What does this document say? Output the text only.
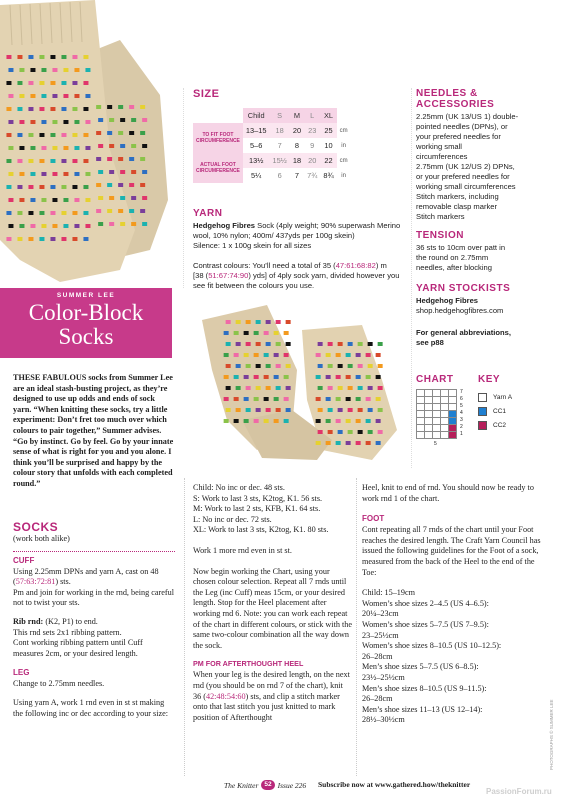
SUMMER LEE
Color-Block
Socks

THESE FABULOUS socks from Summer Lee are an ideal stash-busting project, as they’re designed to use up odds and ends of sock yarn. “When knitting these socks, try a little experiment: Don’t fret too much over which colours to pair together,” Summer advises. “Go by instinct. Go by feel. Go by your innate sense of what is right for you and you alone. I think you’ll be surprised and happy by the colour story that unfolds with each completed round.”

SOCKS

(work both alike)

CUFF

Using 2.25mm DPNs and yarn A, cast on 48 (57:63:72:81) sts.

Pm and join for working in the rnd, being careful not to twist your sts.

Rib rnd: (K2, P1) to end.

This rnd sets 2x1 ribbing pattern.

Cont working ribbing pattern until Cuff measures 2cm, or your desired length.

LEG

Change to 2.75mm needles.

Using yarn A, work 1 rnd even in st st making the following inc or dec according to your size:

SIZE
	Child	S	M	L	XL	
TO FIT FOOT CIRCUMFERENCE	13–15	18	20	23	25	cm
	5–6	7	8	9	10	in
ACTUAL FOOT CIRCUMFERENCE	13½	15½	18	20	22	cm
	5¼	6	7	7¾	8¾	in
YARN

Hedgehog Fibres Sock (4ply weight; 90% superwash Merino wool, 10% nylon; 400m/ 437yds per 100g skein)

Silence: 1 x 100g skein for all sizes

Contrast colours: You’ll need a total of 35 (47:61:68:82) m

[38 (51:67:74:90) yds] of 4ply sock yarn, divided however you see fit between the colours you use.

NEEDLES &
ACCESSORIES

2.25mm (UK 13/US 1) double-

pointed needles (DPNs), or

your prefered needles for

working small

circumferences

2.75mm (UK 12/US 2) DPNs,

or your prefered needles for

working small circumferences

Stitch markers, including

removable clasp marker

Stitch markers

TENSION

36 sts to 10cm over patt in

the round on 2.75mm

needles, after blocking

YARN STOCKISTS

Hedgehog Fibres

shop.hedgehogfibres.com

For general abbreviations,

see p88

CHART
7
6
5
4
3
2
1
5
KEY
Yarn A
CC1
CC2

Child: No inc or dec. 48 sts.

S: Work to last 3 sts, K2tog, K1. 56 sts.

M: Work to last 2 sts, KFB, K1. 64 sts.

L: No inc or dec. 72 sts.

XL: Work to last 3 sts, K2tog, K1. 80 sts.

Work 1 more rnd even in st st.

Now begin working the Chart, using your chosen colour selection. Repeat all 7 rnds until the Leg (inc Cuff) meas 15cm, or your desired length. Stop for the Heel placement after working rnd 6. Note: you can work each repeat of the chart in different colours, or stick with the same two-colour combination all the way down the sock.

PM FOR AFTERTHOUGHT HEEL

When your leg is the desired length, on the next rnd (you should be on rnd 7 of the chart), knit 36 (42:48:54:60) sts, and clip a stitch marker onto that last stitch you just knitted to mark position of Afterthought

Heel, knit to end of rnd. You should now be ready to work rnd 1 of the chart.

FOOT

Cont repeating all 7 rnds of the chart until your Foot reaches the desired length. The Craft Yarn Council has issued the following guidelines for the Foot of a sock, measured from the back of the Heel to the end of the Toe:

Child: 15–19cm

Women’s shoe sizes 2–4.5 (US 4–6.5):

20¼–23cm

Women’s shoe sizes 5–7.5 (US 7–9.5):

23–25½cm

Women’s shoe sizes 8–10.5 (US 10–12.5):

26–28cm

Men’s shoe sizes 5–7.5 (US 6–8.5):

23½–25½cm

Men’s shoe sizes 8–10.5 (US 9–11.5):

26–28cm

Men’s shoe sizes 11–13 (US 12–14):

28½–30½cm	PHOTOGRAPHS © SUMMER LEE
The Knitter 52 Issue 226 Subscribe now at www.gathered.how/theknitter
PassionForum.ru
